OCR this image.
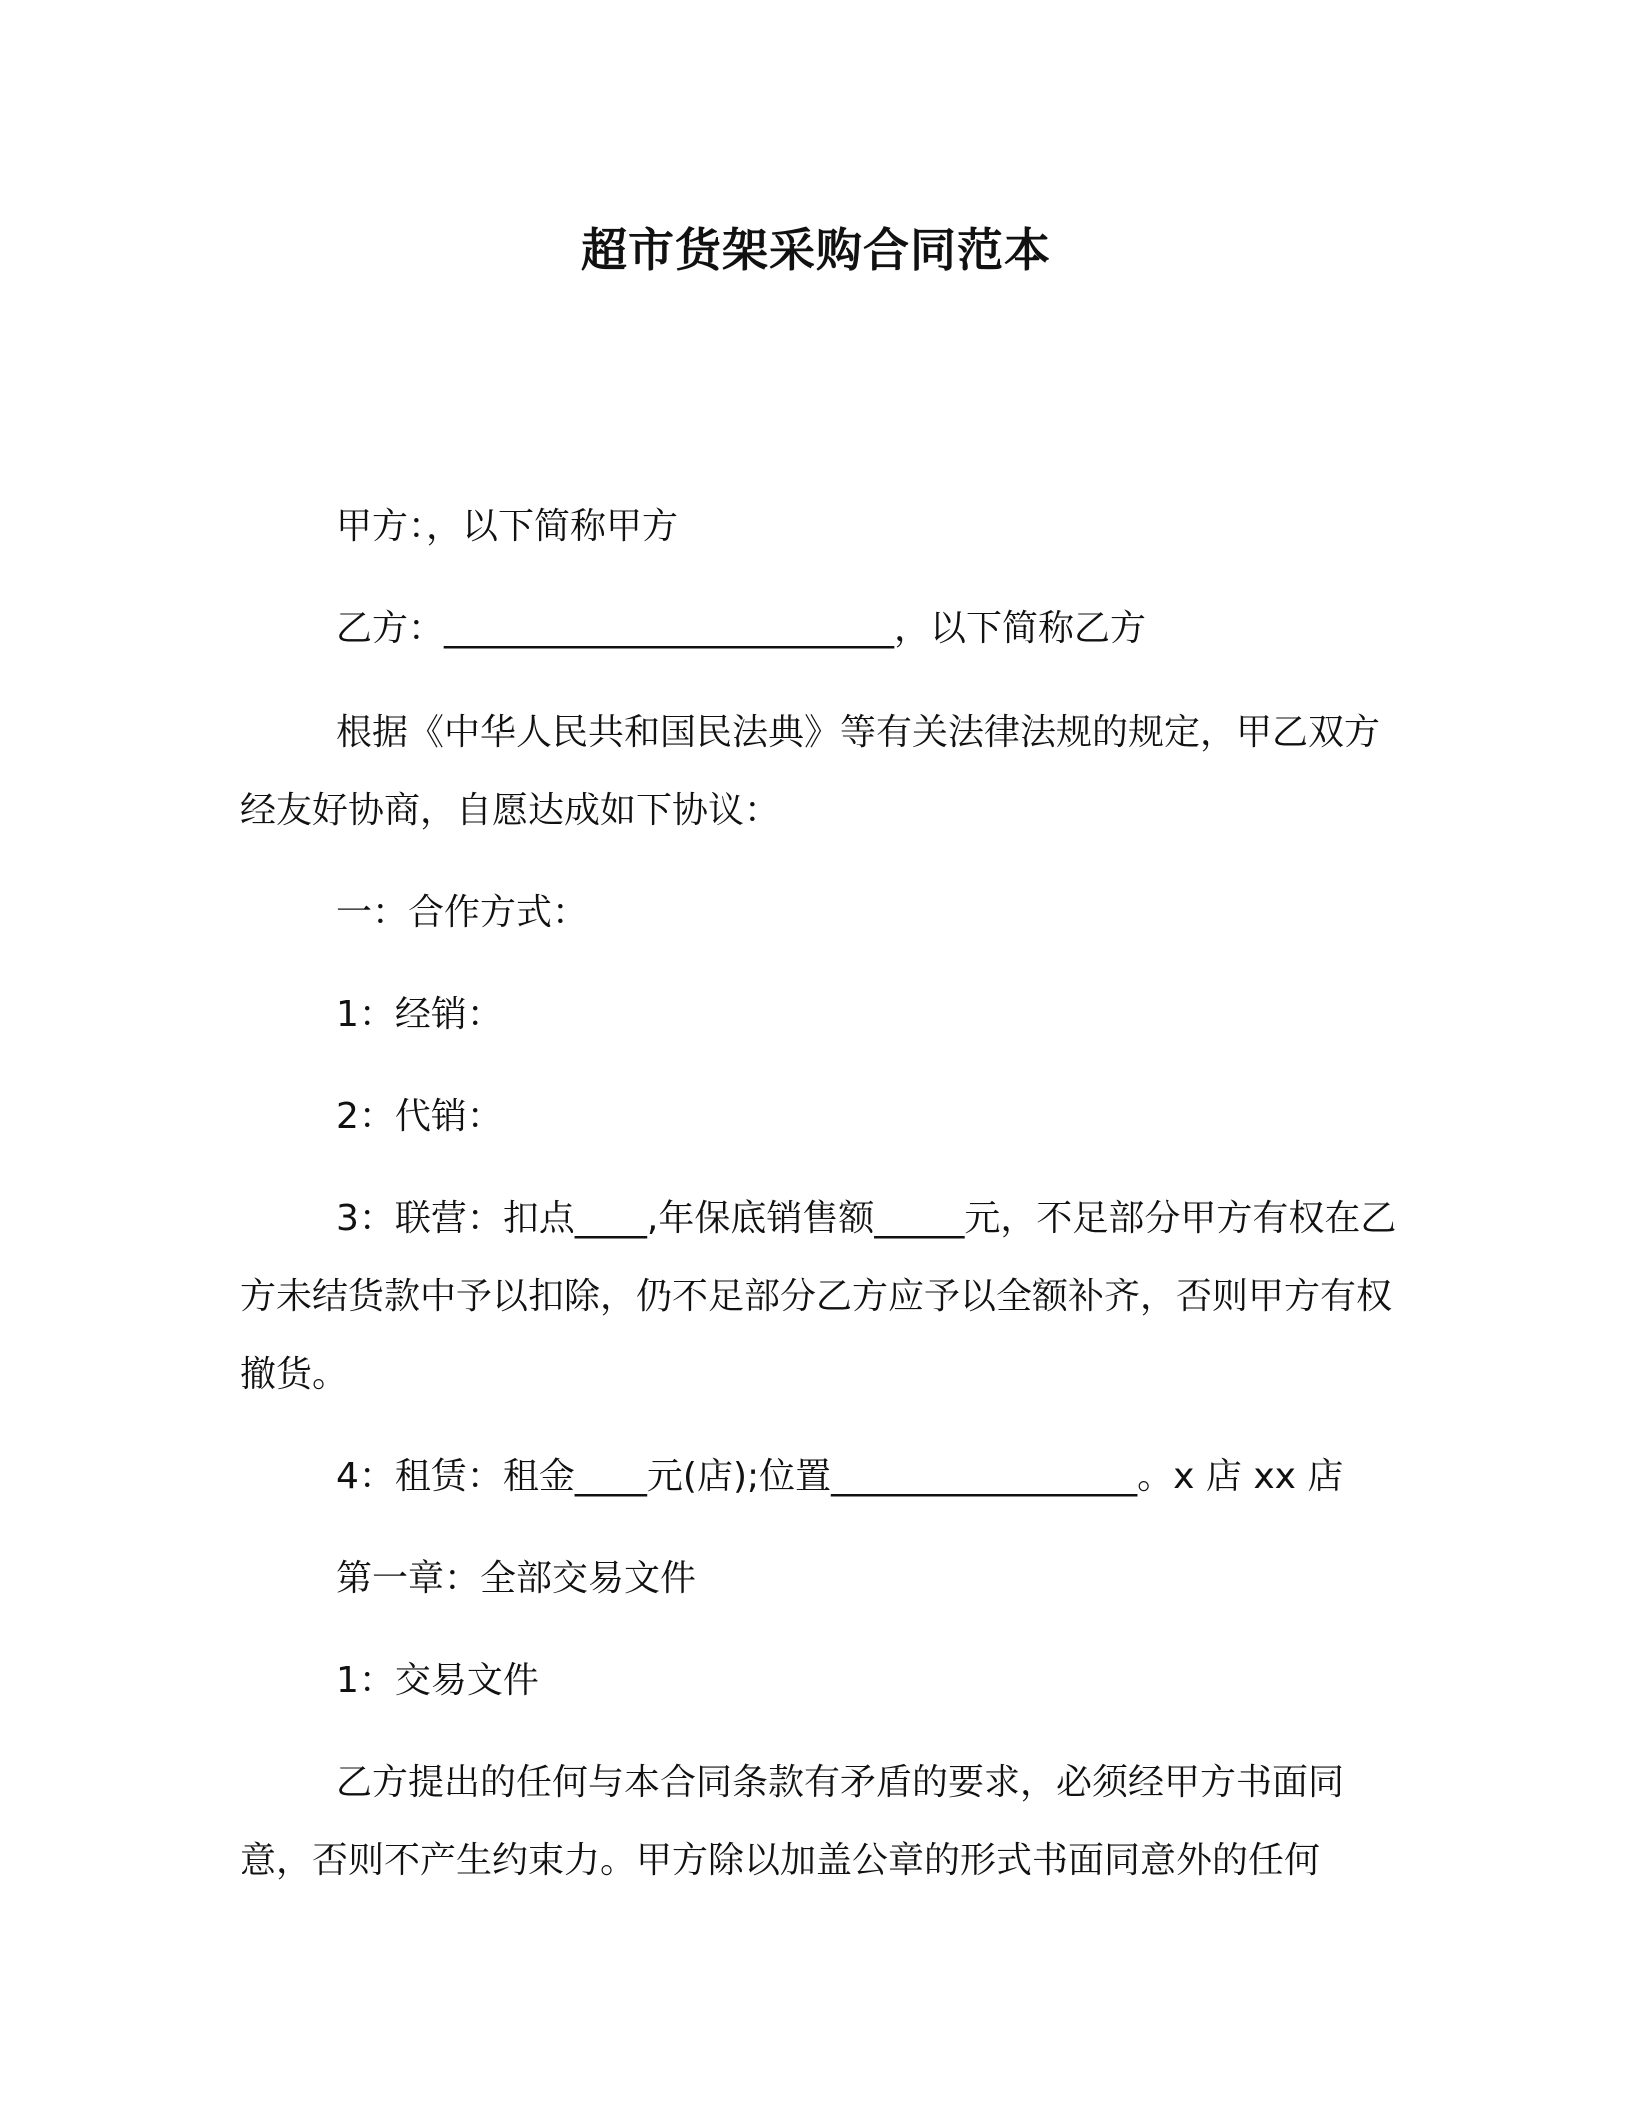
超市货架采购合同范本

甲方：，以下简称甲方

乙方：_________________________，以下简称乙方

根据《中华人民共和国民法典》等有关法律法规的规定，甲乙双方经友好协商，自愿达成如下协议：

一：合作方式：

1：经销：

2：代销：

3：联营：扣点____,年保底销售额_____元，不足部分甲方有权在乙方未结货款中予以扣除，仍不足部分乙方应予以全额补齐，否则甲方有权撤货。

4：租赁：租金____元(店);位置_________________。x 店 xx 店

第一章：全部交易文件

1：交易文件

乙方提出的任何与本合同条款有矛盾的要求，必须经甲方书面同意，否则不产生约束力。甲方除以加盖公章的形式书面同意外的任何
